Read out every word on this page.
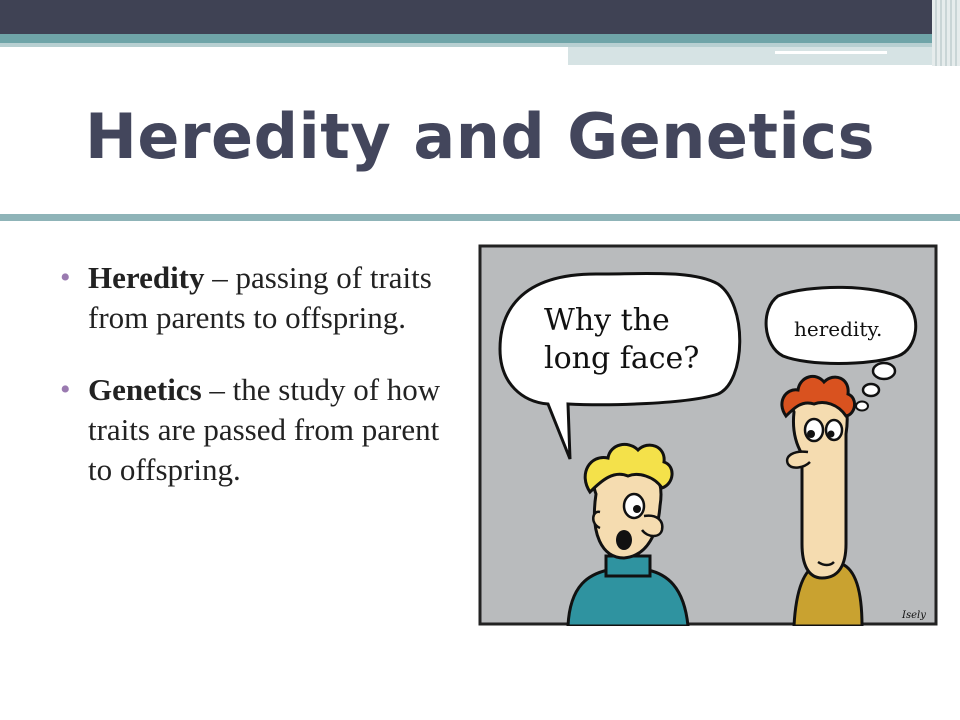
Heredity and Genetics
• Heredity – passing of traits from parents to offspring.
• Genetics – the study of how traits are passed from parent to offspring.
Why the
long face?
heredity.
Isely
